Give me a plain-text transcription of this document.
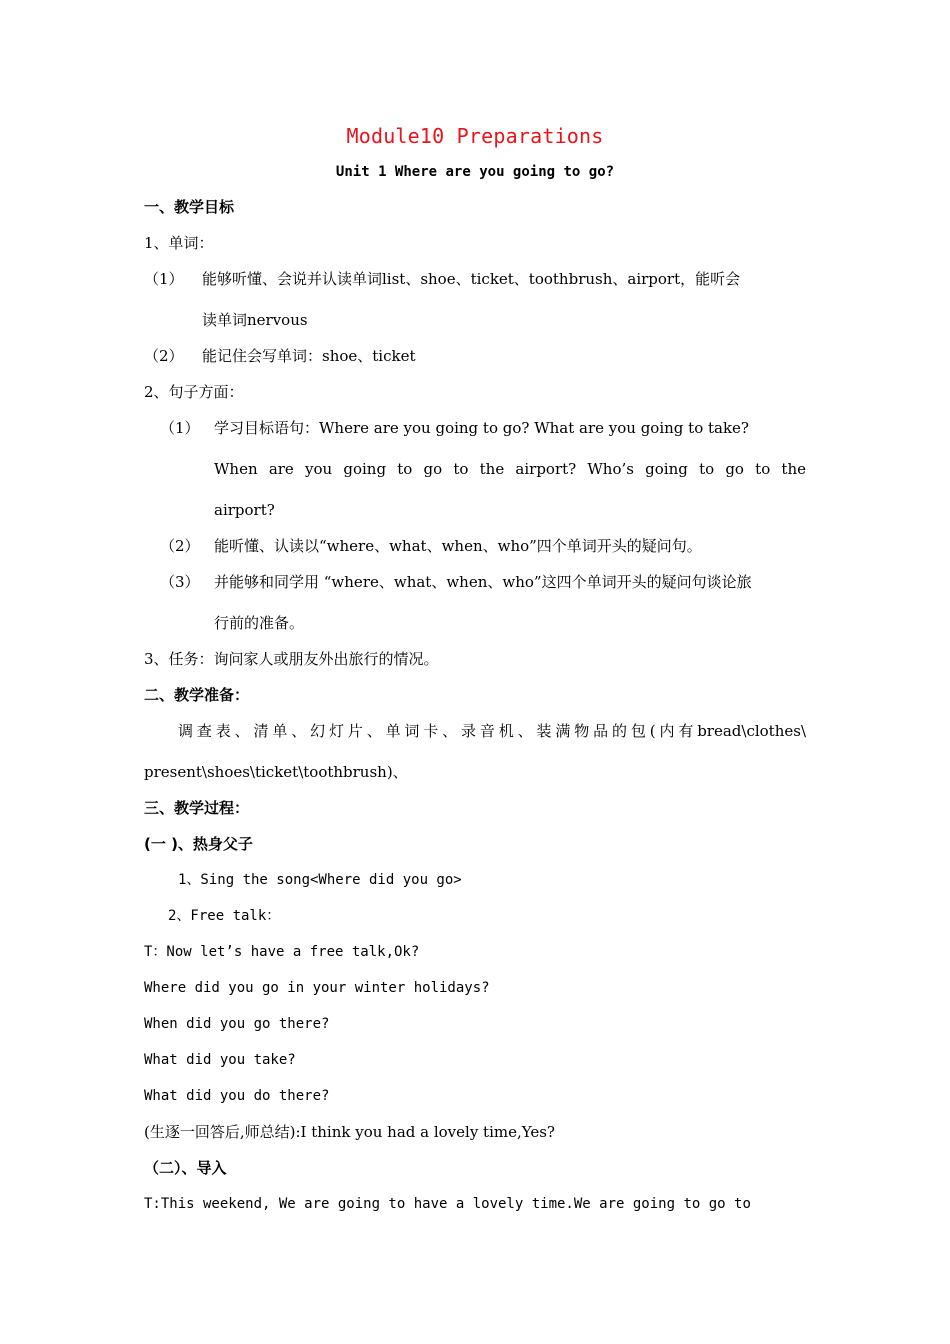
Module10 Preparations
Unit 1 Where are you going to go?
一、教学目标
1、单词：
（1） 能够听懂、会说并认读单词list、shoe、ticket、toothbrush、airport，能听会
读单词nervous
（2） 能记住会写单词：shoe、ticket
2、句子方面：
（1） 学习目标语句：Where are you going to go? What are you going to take?
When are you going to go to the airport? Who’s going to go to the
airport?
（2） 能听懂、认读以“where、what、when、who”四个单词开头的疑问句。
（3） 并能够和同学用 “where、what、when、who”这四个单词开头的疑问句谈论旅
行前的准备。
3、任务：询问家人或朋友外出旅行的情况。
二、教学准备：
调查表、清单、幻灯片、单词卡、录音机、装满物品的包(内有bread\clothes\
present\shoes\ticket\toothbrush)、
三、教学过程：
(一 )、热身父子
1、Sing the song<Where did you go>
2、Free talk：
T：Now let’s have a free talk,Ok?
Where did you go in your winter holidays?
When did you go there?
What did you take?
What did you do there?
(生逐一回答后,师总结):I think you had a lovely time,Yes?
（二）、导入
T:This weekend, We are going to have a lovely time.We are going to go to
